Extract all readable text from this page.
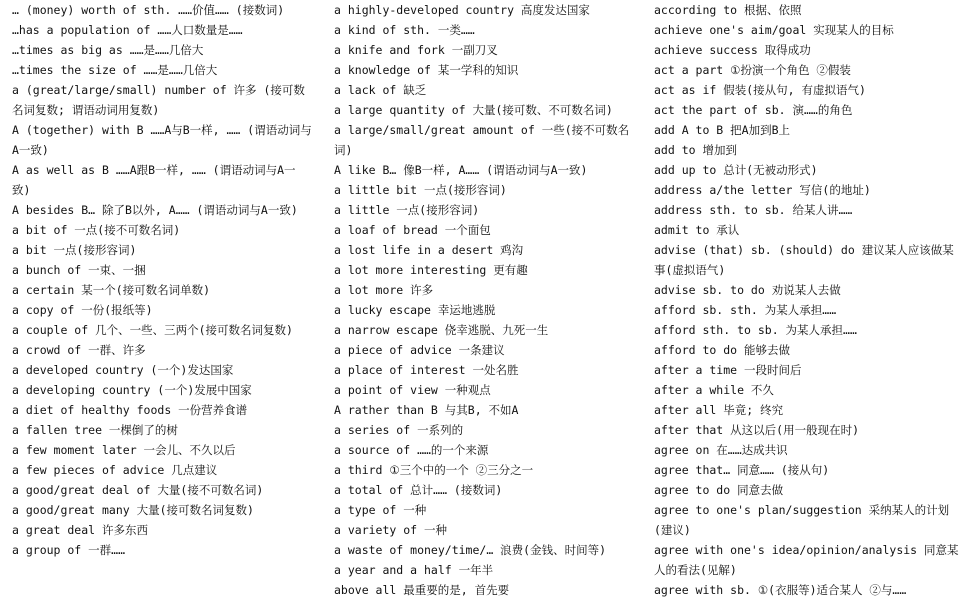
… (money) worth of sth. ……价值…… (接数词)
…has a population of ……人口数量是……
…times as big as ……是……几倍大
…times the size of ……是……几倍大
a (great/large/small) number of 许多 (接可数名词复数; 谓语动词用复数)
A (together) with B ……A与B一样, …… (谓语动词与A一致)
A as well as B ……A跟B一样, …… (谓语动词与A一致)
A besides B… 除了B以外, A…… (谓语动词与A一致)
a bit of 一点(接不可数名词)
a bit 一点(接形容词)
a bunch of 一束、一捆
a certain 某一个(接可数名词单数)
a copy of 一份(报纸等)
a couple of 几个、一些、三两个(接可数名词复数)
a crowd of 一群、许多
a developed country (一个)发达国家
a developing country (一个)发展中国家
a diet of healthy foods 一份营养食谱
a fallen tree 一棵倒了的树
a few moment later 一会儿、不久以后
a few pieces of advice 几点建议
a good/great deal of 大量(接不可数名词)
a good/great many 大量(接可数名词复数)
a great deal 许多东西
a group of 一群……
a highly-developed country 高度发达国家
a kind of sth. 一类……
a knife and fork 一副刀叉
a knowledge of 某一学科的知识
a lack of 缺乏
a large quantity of 大量(接可数、不可数名词)
a large/small/great amount of 一些(接不可数名词)
A like B… 像B一样, A…… (谓语动词与A一致)
a little bit 一点(接形容词)
a little 一点(接形容词)
a loaf of bread 一个面包
a lost life in a desert 鸡沟
a lot more interesting 更有趣
a lot more 许多
a lucky escape 幸运地逃脱
a narrow escape 侥幸逃脱、九死一生
a piece of advice 一条建议
a place of interest 一处名胜
a point of view 一种观点
A rather than B 与其B, 不如A
a series of 一系列的
a source of ……的一个来源
a third ①三个中的一个 ②三分之一
a total of 总计…… (接数词)
a type of 一种
a variety of 一种
a waste of money/time/… 浪费(金钱、时间等)
a year and a half 一年半
above all 最重要的是, 首先要
according to 根据、依照
achieve one's aim/goal 实现某人的目标
achieve success 取得成功
act a part ①扮演一个角色 ②假装
act as if 假装(接从句, 有虚拟语气)
act the part of sb. 演……的角色
add A to B 把A加到B上
add to 增加到
add up to 总计(无被动形式)
address a/the letter 写信(的地址)
address sth. to sb. 给某人讲……
admit to 承认
advise (that) sb. (should) do 建议某人应该做某事(虚拟语气)
advise sb. to do 劝说某人去做
afford sb. sth. 为某人承担……
afford sth. to sb. 为某人承担……
afford to do 能够去做
after a time 一段时间后
after a while 不久
after all 毕竟; 终究
after that 从这以后(用一般现在时)
agree on 在……达成共识
agree that… 同意…… (接从句)
agree to do 同意去做
agree to one's plan/suggestion 采纳某人的计划(建议)
agree with one's idea/opinion/analysis 同意某人的看法(见解)
agree with sb. ①(衣服等)适合某人 ②与……
